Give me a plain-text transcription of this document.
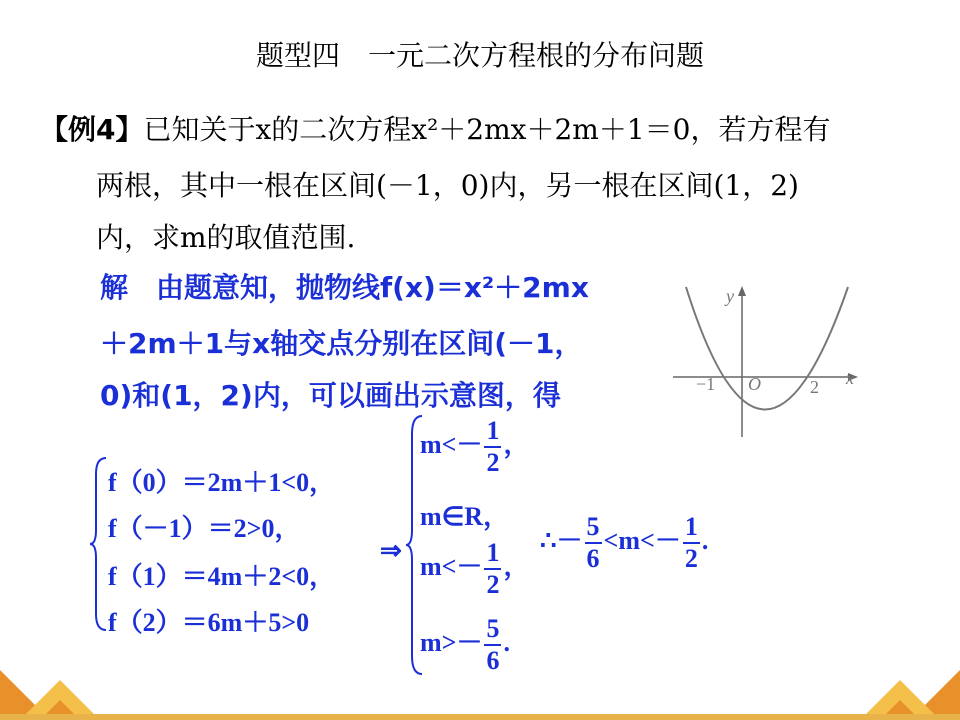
题型四　一元二次方程根的分布问题
【例4】已知关于x的二次方程x²＋2mx＋2m＋1＝0，若方程有
两根，其中一根在区间(－1，0)内，另一根在区间(1，2)
内，求m的取值范围.
解　由题意知，抛物线f(x)＝x²＋2mx
＋2m＋1与x轴交点分别在区间(－1，
0)和(1，2)内，可以画出示意图，得
y
x
O
−1	2
f（0）＝2m＋1<0，
f（－1）＝2>0，
f（1）＝4m＋2<0，
f（2）＝6m＋5>0
⇒
$m<- \frac{1}{2}$ ，
m∈R，
$m<- \frac{1}{2}$ ，
$m>- \frac{5}{6}$ .
∴－ $\frac{5}{6} <m<- \frac{1}{2}$ .
